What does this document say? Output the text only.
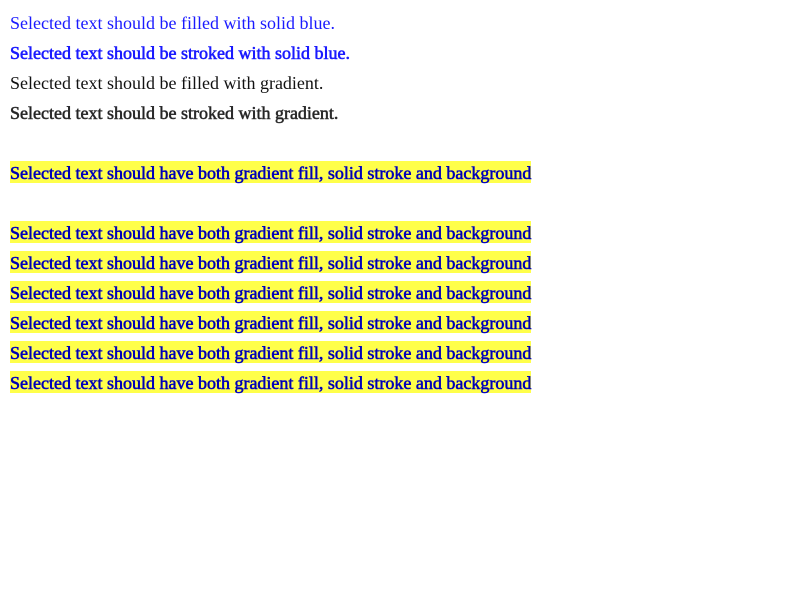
Selected text should be filled with solid blue.
Selected text should be stroked with solid blue.
Selected text should be filled with gradient.
Selected text should be stroked with gradient.
Selected text should have both gradient fill, solid stroke and background
Selected text should have both gradient fill, solid stroke and background
Selected text should have both gradient fill, solid stroke and background
Selected text should have both gradient fill, solid stroke and background
Selected text should have both gradient fill, solid stroke and background
Selected text should have both gradient fill, solid stroke and background
Selected text should have both gradient fill, solid stroke and background
